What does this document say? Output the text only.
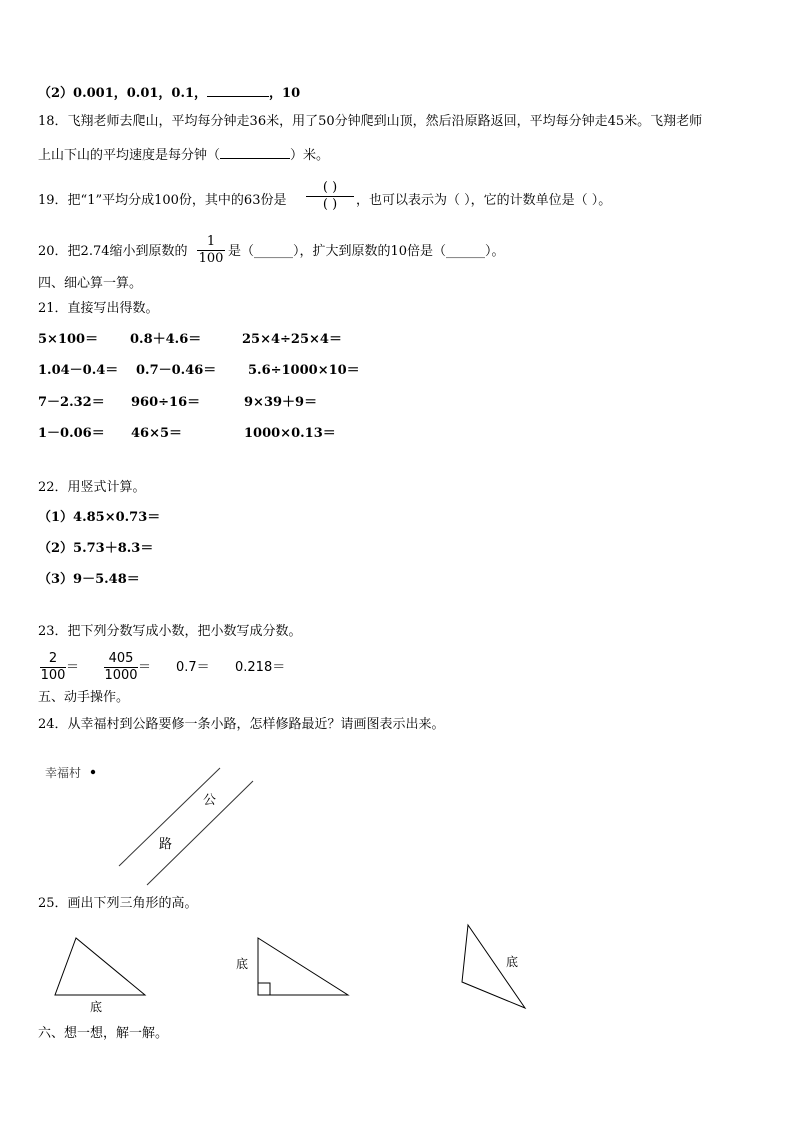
（2）0.001，0.01，0.1，	，10
18．飞翔老师去爬山，平均每分钟走36米，用了50分钟爬到山顶，然后沿原路返回，平均每分钟走45米。飞翔老师
上山下山的平均速度是每分钟（	）米。
19．把“1”平均分成100份，其中的63份是
( )
( )	，也可以表示为（ ），它的计数单位是（ ）。
20．把2.74缩小到原数的 $\frac{1}{100}$ 是（______），扩大到原数的10倍是（______）。
四、细心算一算。
21．直接写出得数。
5×100＝ 0.8＋4.6＝	25×4÷25×4＝
1.04－0.4＝ 0.7－0.46＝ 5.6÷1000×10＝
7－2.32＝ 960÷16＝	9×39＋9＝
1－0.06＝ 46×5＝	1000×0.13＝
22．用竖式计算。
（1）4.85×0.73＝
（2）5.73＋8.3＝
（3）9－5.48＝
23．把下列分数写成小数，把小数写成分数。
$\frac{2}{100} = \frac{405}{1000} = 0.7= 0.218=$
五、动手操作。
24．从幸福村到公路要修一条小路，怎样修路最近？请画图表示出来。
幸福村
公
路
25．画出下列三角形的高。
底
底	底
六、想一想，解一解。
